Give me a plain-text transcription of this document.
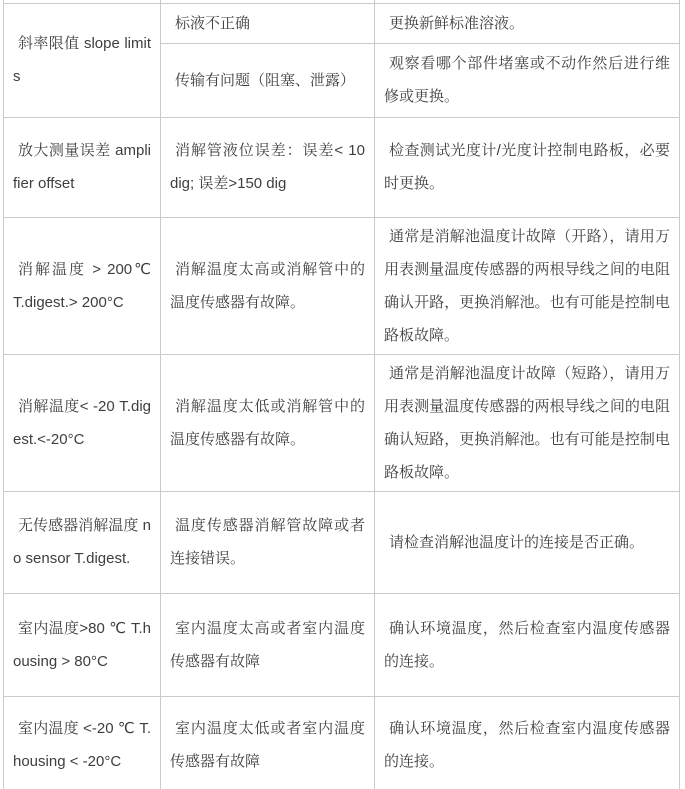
斜率限值 slope limits	标液不正确	更换新鲜标准溶液。
	传输有问题（阻塞、泄露）	观察看哪个部件堵塞或不动作然后进行维修或更换。
放大测量误差 amplifier offset	消解管液位误差：误差< 10 dig; 误差>150 dig	检查测试光度计/光度计控制电路板，必要时更换。
消解温度 > 200℃ T.digest.> 200°C	消解温度太高或消解管中的温度传感器有故障。	通常是消解池温度计故障（开路），请用万用表测量温度传感器的两根导线之间的电阻确认开路，更换消解池。也有可能是控制电路板故障。
消解温度< -20 T.digest.<-20°C	消解温度太低或消解管中的温度传感器有故障。	通常是消解池温度计故障（短路），请用万用表测量温度传感器的两根导线之间的电阻确认短路，更换消解池。也有可能是控制电路板故障。
无传感器消解温度 no sensor T.digest.	温度传感器消解管故障或者连接错误。	请检查消解池温度计的连接是否正确。
室内温度>80 ℃ T.housing > 80°C	室内温度太高或者室内温度传感器有故障	确认环境温度，然后检查室内温度传感器的连接。
室内温度 <-20 ℃ T.housing < -20°C	室内温度太低或者室内温度传感器有故障	确认环境温度，然后检查室内温度传感器的连接。
